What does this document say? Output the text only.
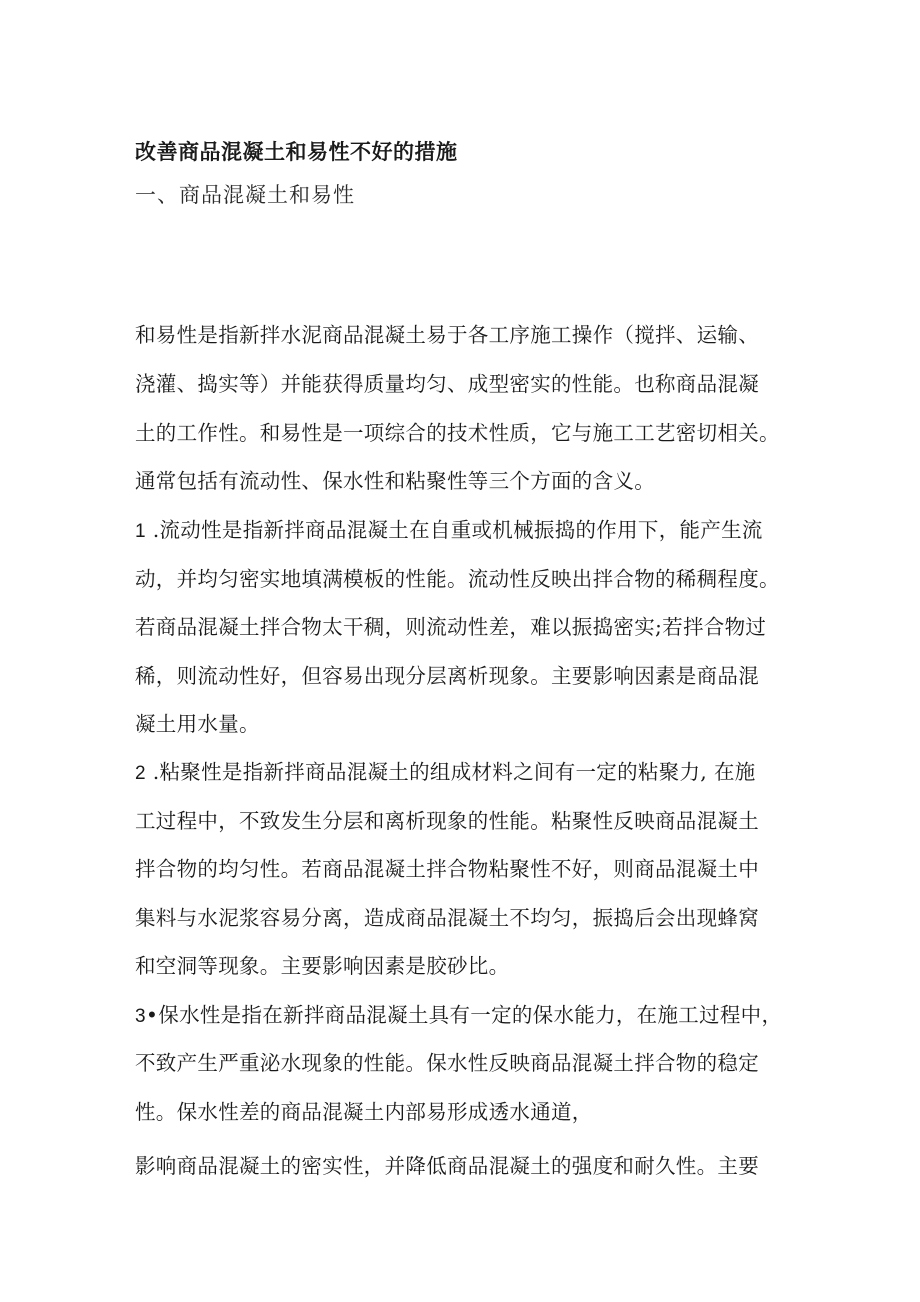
改善商品混凝土和易性不好的措施
一、商品混凝土和易性
和易性是指新拌水泥商品混凝土易于各工序施工操作（搅拌、运输、
浇灌、捣实等）并能获得质量均匀、成型密实的性能。也称商品混凝
土的工作性。和易性是一项综合的技术性质，它与施工工艺密切相关。
通常包括有流动性、保水性和粘聚性等三个方面的含义。
1 .流动性是指新拌商品混凝土在自重或机械振捣的作用下，能产生流
动，并均匀密实地填满模板的性能。流动性反映出拌合物的稀稠程度。
若商品混凝土拌合物太干稠，则流动性差，难以振捣密实;若拌合物过
稀，则流动性好，但容易出现分层离析现象。主要影响因素是商品混
凝土用水量。
2 .粘聚性是指新拌商品混凝土的组成材料之间有一定的粘聚力, 在施
工过程中，不致发生分层和离析现象的性能。粘聚性反映商品混凝土
拌合物的均匀性。若商品混凝土拌合物粘聚性不好，则商品混凝土中
集料与水泥浆容易分离，造成商品混凝土不均匀，振捣后会出现蜂窝
和空洞等现象。主要影响因素是胶砂比。
3•保水性是指在新拌商品混凝土具有一定的保水能力，在施工过程中，
不致产生严重泌水现象的性能。保水性反映商品混凝土拌合物的稳定
性。保水性差的商品混凝土内部易形成透水通道，
影响商品混凝土的密实性，并降低商品混凝土的强度和耐久性。主要
